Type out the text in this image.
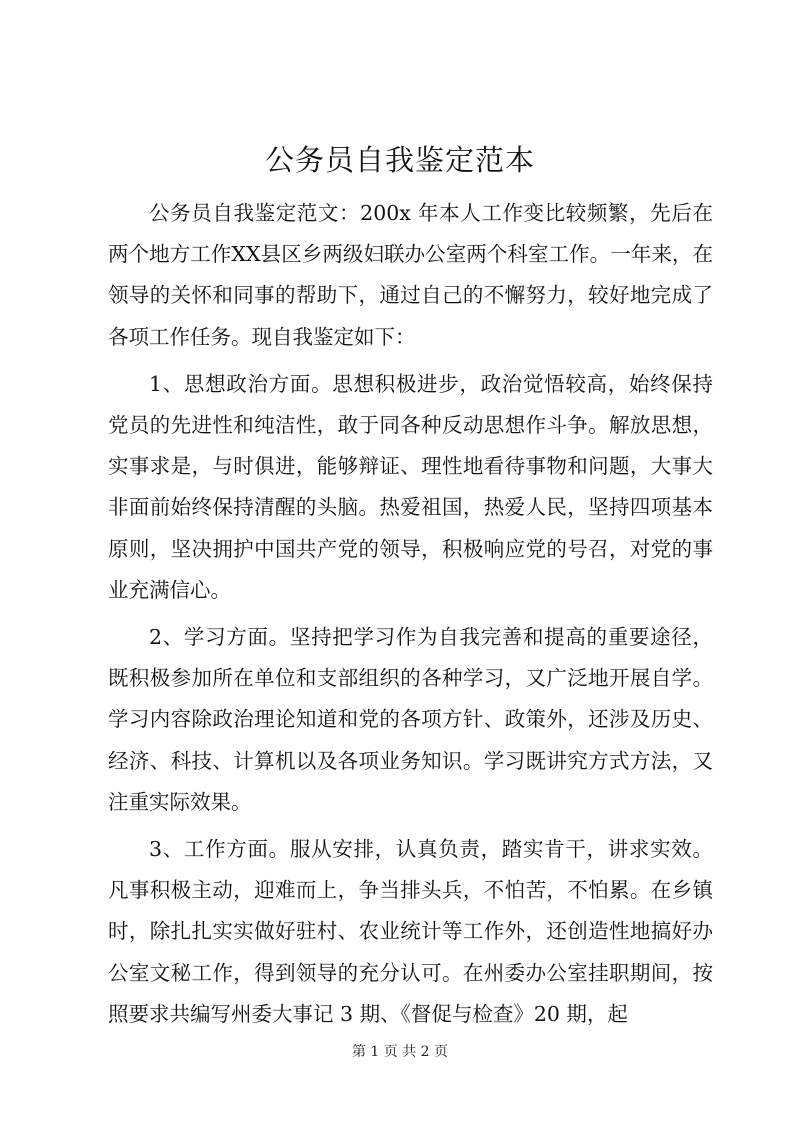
公务员自我鉴定范本

公务员自我鉴定范文：200x 年本人工作变比较频繁，先后在两个地方工作XX县区乡两级妇联办公室两个科室工作。一年来，在领导的关怀和同事的帮助下，通过自己的不懈努力，较好地完成了各项工作任务。现自我鉴定如下：

1、思想政治方面。思想积极进步，政治觉悟较高，始终保持党员的先进性和纯洁性，敢于同各种反动思想作斗争。解放思想，实事求是，与时俱进，能够辩证、理性地看待事物和问题，大事大非面前始终保持清醒的头脑。热爱祖国，热爱人民，坚持四项基本原则，坚决拥护中国共产党的领导，积极响应党的号召，对党的事业充满信心。

2、学习方面。坚持把学习作为自我完善和提高的重要途径，既积极参加所在单位和支部组织的各种学习，又广泛地开展自学。学习内容除政治理论知道和党的各项方针、政策外，还涉及历史、经济、科技、计算机以及各项业务知识。学习既讲究方式方法，又注重实际效果。

3、工作方面。服从安排，认真负责，踏实肯干，讲求实效。凡事积极主动，迎难而上，争当排头兵，不怕苦，不怕累。在乡镇时，除扎扎实实做好驻村、农业统计等工作外，还创造性地搞好办公室文秘工作，得到领导的充分认可。在州委办公室挂职期间，按照要求共编写州委大事记 3 期、《督促与检查》20 期，起

第 1 页 共 2 页
